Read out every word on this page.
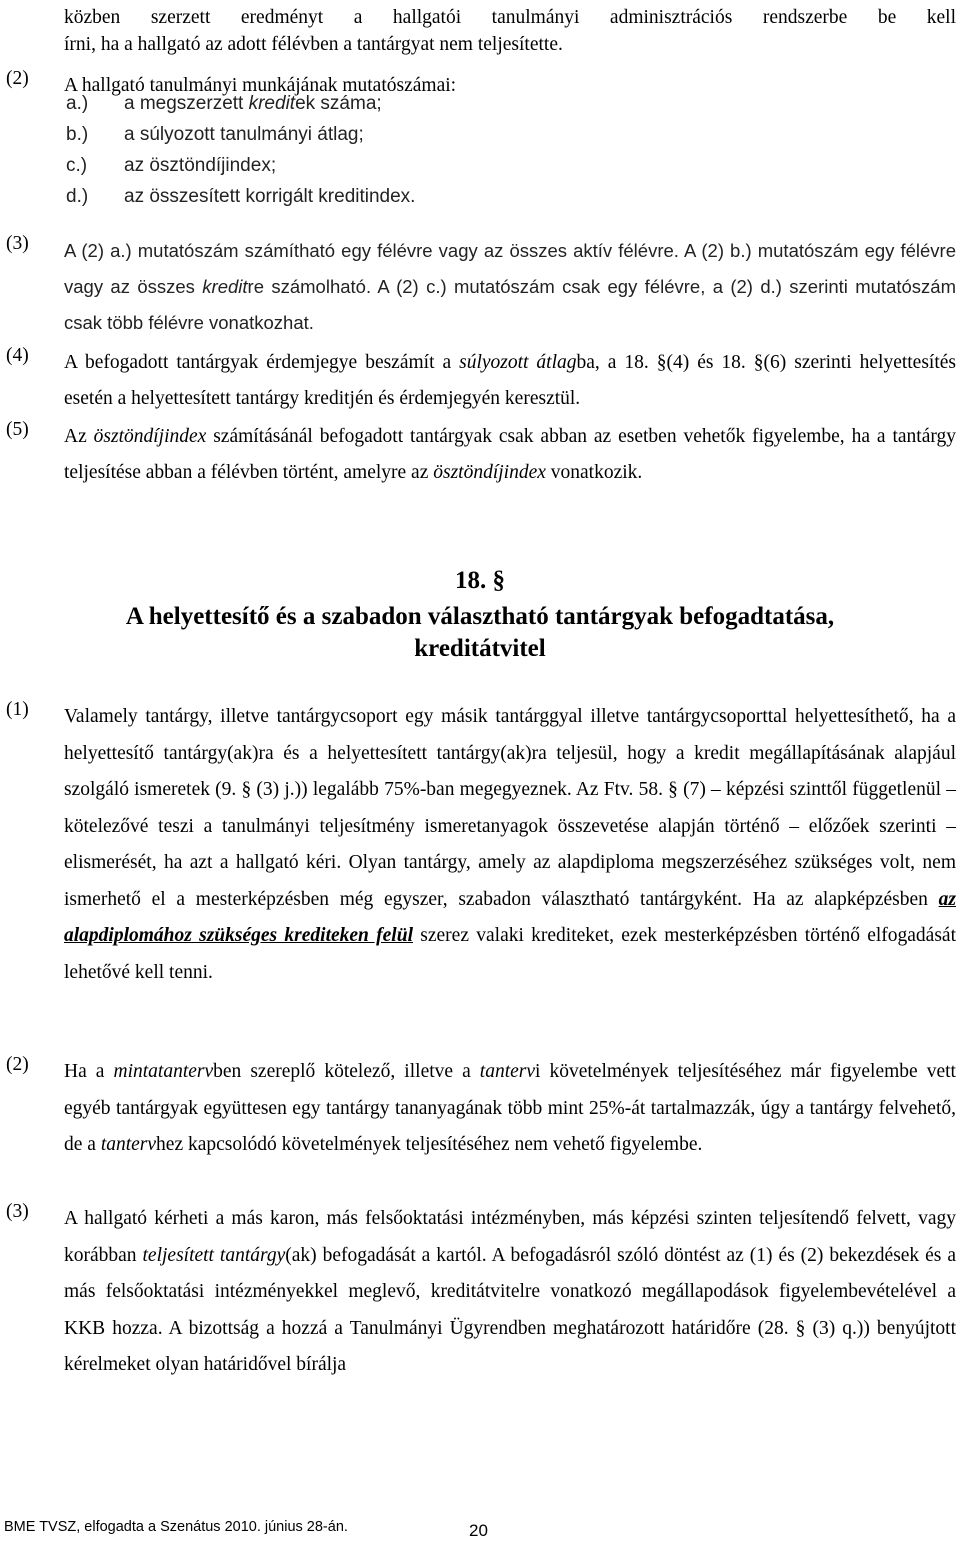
közben szerzett eredményt a hallgatói tanulmányi adminisztrációs rendszerbe be kell
írni, ha a hallgató az adott félévben a tantárgyat nem teljesítette.
(2) A hallgató tanulmányi munkájának mutatószámai:
a.)	a megszerzett kreditek száma;
b.)	a súlyozott tanulmányi átlag;
c.)	az ösztöndíjindex;
d.)	az összesített korrigált kreditindex.
(3) A (2) a.) mutatószám számítható egy félévre vagy az összes aktív félévre. A (2) b.) mutatószám egy félévre vagy az összes kreditre számolható. A (2) c.) mutatószám csak egy félévre, a (2) d.) szerinti mutatószám csak több félévre vonatkozhat.
(4) A befogadott tantárgyak érdemjegye beszámít a súlyozott átlagba, a 18. §(4) és 18. §(6) szerinti helyettesítés esetén a helyettesített tantárgy kreditjén és érdemjegyén keresztül.
(5) Az ösztöndíjindex számításánál befogadott tantárgyak csak abban az esetben vehetők figyelembe, ha a tantárgy teljesítése abban a félévben történt, amelyre az ösztöndíjindex vonatkozik.
18. §
A helyettesítő és a szabadon választható tantárgyak befogadtatása,
kreditátvitel
(1) Valamely tantárgy, illetve tantárgycsoport egy másik tantárggyal illetve tantárgycsoporttal helyettesíthető, ha a helyettesítő tantárgy(ak)ra és a helyettesített tantárgy(ak)ra teljesül, hogy a kredit megállapításának alapjául szolgáló ismeretek (9. § (3) j.)) legalább 75%-ban megegyeznek. Az Ftv. 58. § (7) – képzési szinttől függetlenül – kötelezővé teszi a tanulmányi teljesítmény ismeretanyagok összevetése alapján történő – előzőek szerinti – elismerését, ha azt a hallgató kéri. Olyan tantárgy, amely az alapdiploma megszerzéséhez szükséges volt, nem ismerhető el a mesterképzésben még egyszer, szabadon választható tantárgyként. Ha az alapképzésben az alapdiplomához szükséges krediteken felül szerez valaki krediteket, ezek mesterképzésben történő elfogadását lehetővé kell tenni.
(2) Ha a mintatantervben szereplő kötelező, illetve a tantervi követelmények teljesítéséhez már figyelembe vett egyéb tantárgyak együttesen egy tantárgy tananyagának több mint 25%-át tartalmazzák, úgy a tantárgy felvehető, de a tantervhez kapcsolódó követelmények teljesítéséhez nem vehető figyelembe.
(3) A hallgató kérheti a más karon, más felsőoktatási intézményben, más képzési szinten teljesítendő felvett, vagy korábban teljesített tantárgy(ak) befogadását a kartól. A befogadásról szóló döntést az (1) és (2) bekezdések és a más felsőoktatási intézményekkel meglevő, kreditátvitelre vonatkozó megállapodások figyelembevételével a KKB hozza. A bizottság a hozzá a Tanulmányi Ügyrendben meghatározott határidőre (28. § (3) q.)) benyújtott kérelmeket olyan határidővel bírálja
BME TVSZ, elfogadta a Szenátus 2010. június 28-án.	20
